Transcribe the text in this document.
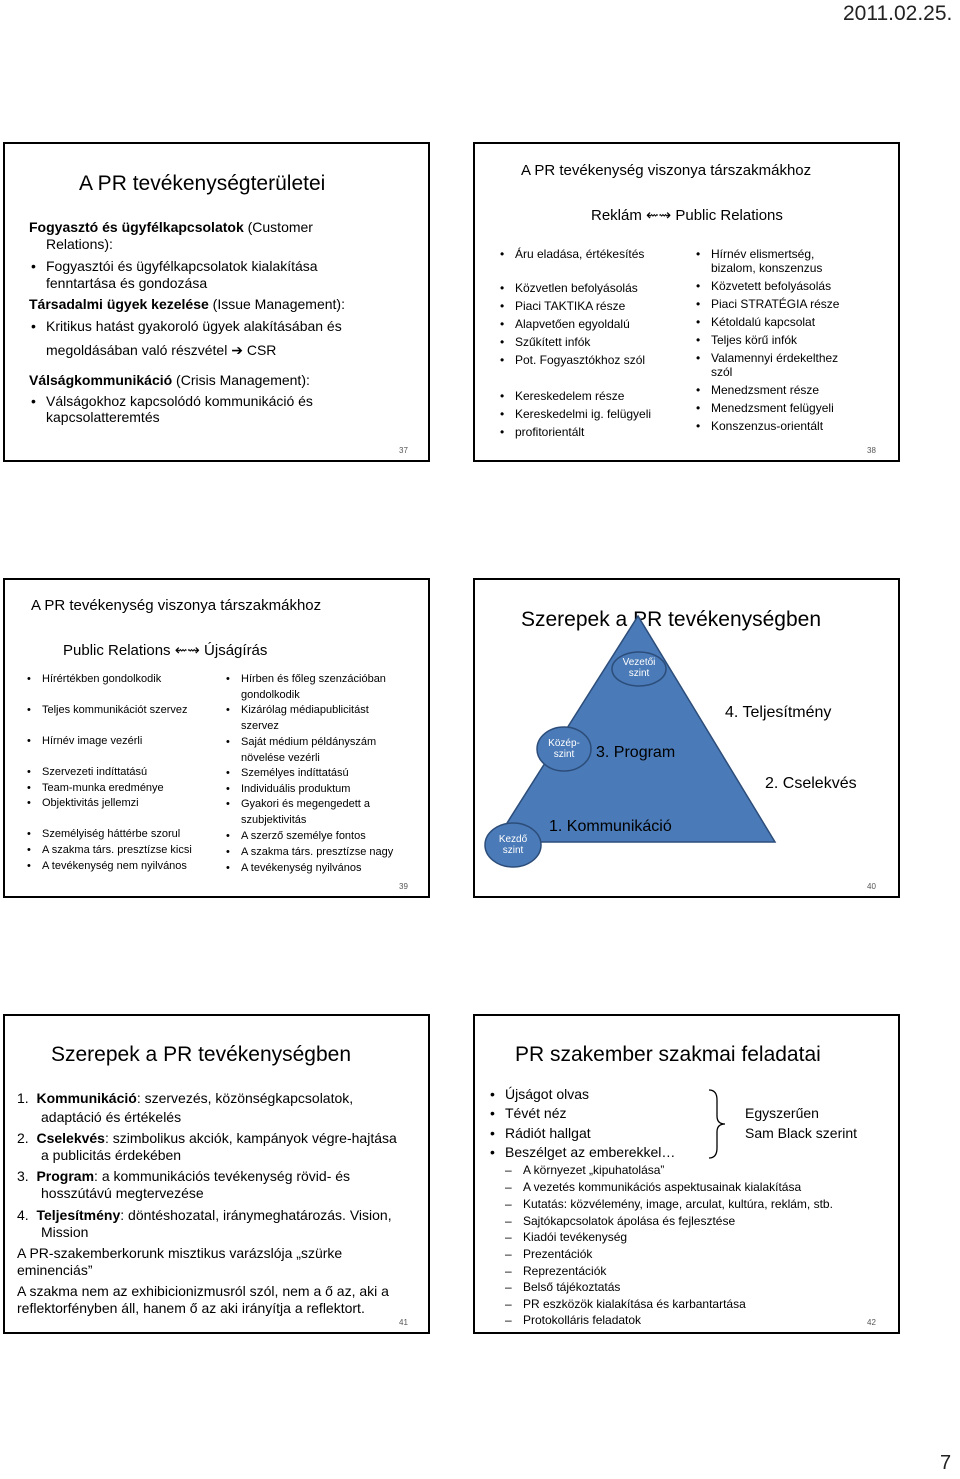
2011.02.25.
7
A PR tevékenységterületei
Fogyasztó és ügyfélkapcsolatok (Customer
Relations):
• Fogyasztói és ügyfélkapcsolatok kialakítása
fenntartása és gondozása
Társadalmi ügyek kezelése (Issue Management):
• Kritikus hatást gyakoroló ügyek alakításában és
megoldásában való részvétel ➔ CSR
Válságkommunikáció (Crisis Management):
• Válságokhoz kapcsolódó kommunikáció és
kapcsolatteremtés
37
A PR tevékenység viszonya társzakmákhoz
Reklám ⇜⇝ Public Relations
• Áru eladása, értékesítés
• Közvetlen befolyásolás
• Piaci TAKTIKA része
• Alapvetően egyoldalú
• Szűkített infók
• Pot. Fogyasztókhoz szól
• Kereskedelem része
• Kereskedelmi ig. felügyeli
• profitorientált
• Hírnév elismertség,
bizalom, konszenzus
• Közvetett befolyásolás
• Piaci STRATÉGIA része
• Kétoldalú kapcsolat
• Teljes körű infók
• Valamennyi érdekelthez
szól
• Menedzsment része
• Menedzsment felügyeli
• Konszenzus-orientált
38
A PR tevékenység viszonya társzakmákhoz
Public Relations ⇜⇝ Újságírás
• Hírértékben gondolkodik
• Teljes kommunikációt szervez
• Hírnév image vezérli
• Szervezeti indíttatású
• Team-munka eredménye
• Objektivitás jellemzi
• Személyiség háttérbe szorul
• A szakma társ. presztízse kicsi
• A tevékenység nem nyilvános
• Hírben és főleg szenzációban
gondolkodik
• Kizárólag médiapublicitást
szervez
• Saját médium példányszám
növelése vezérli
• Személyes indíttatású
• Individuális produktum
• Gyakori és megengedett a
szubjektivitás
• A szerző személye fontos
• A szakma társ. presztízse nagy
• A tevékenység nyilvános
39
Szerepek a PR tevékenységben
Vezetői
szint
Közép-
szint
Kezdő
szint
3. Program
4. Teljesítmény
2. Cselekvés
1. Kommunikáció
40
Szerepek a PR tevékenységben
1. Kommunikáció: szervezés, közönségkapcsolatok,
adaptáció és értékelés
2. Cselekvés: szimbolikus akciók, kampányok végre-hajtása
a publicitás érdekében
3. Program: a kommunikációs tevékenység rövid- és
hosszútávú megtervezése
4. Teljesítmény: döntéshozatal, iránymeghatározás. Vision,
Mission
A PR-szakemberkorunk misztikus varázslója „szürke
eminenciás”
A szakma nem az exhibicionizmusról szól, nem a ő az, aki a
reflektorfényben áll, hanem ő az aki irányítja a reflektort.
41
PR szakember szakmai feladatai
• Újságot olvas
• Tévét néz
• Rádiót hallgat
• Beszélget az emberekkel…
Egyszerűen
Sam Black szerint
– A környezet „kipuhatolása”
– A vezetés kommunikációs aspektusainak kialakítása
– Kutatás: közvélemény, image, arculat, kultúra, reklám, stb.
– Sajtókapcsolatok ápolása és fejlesztése
– Kiadói tevékenység
– Prezentációk
– Reprezentációk
– Belső tájékoztatás
– PR eszközök kialakítása és karbantartása
– Protokolláris feladatok	42
